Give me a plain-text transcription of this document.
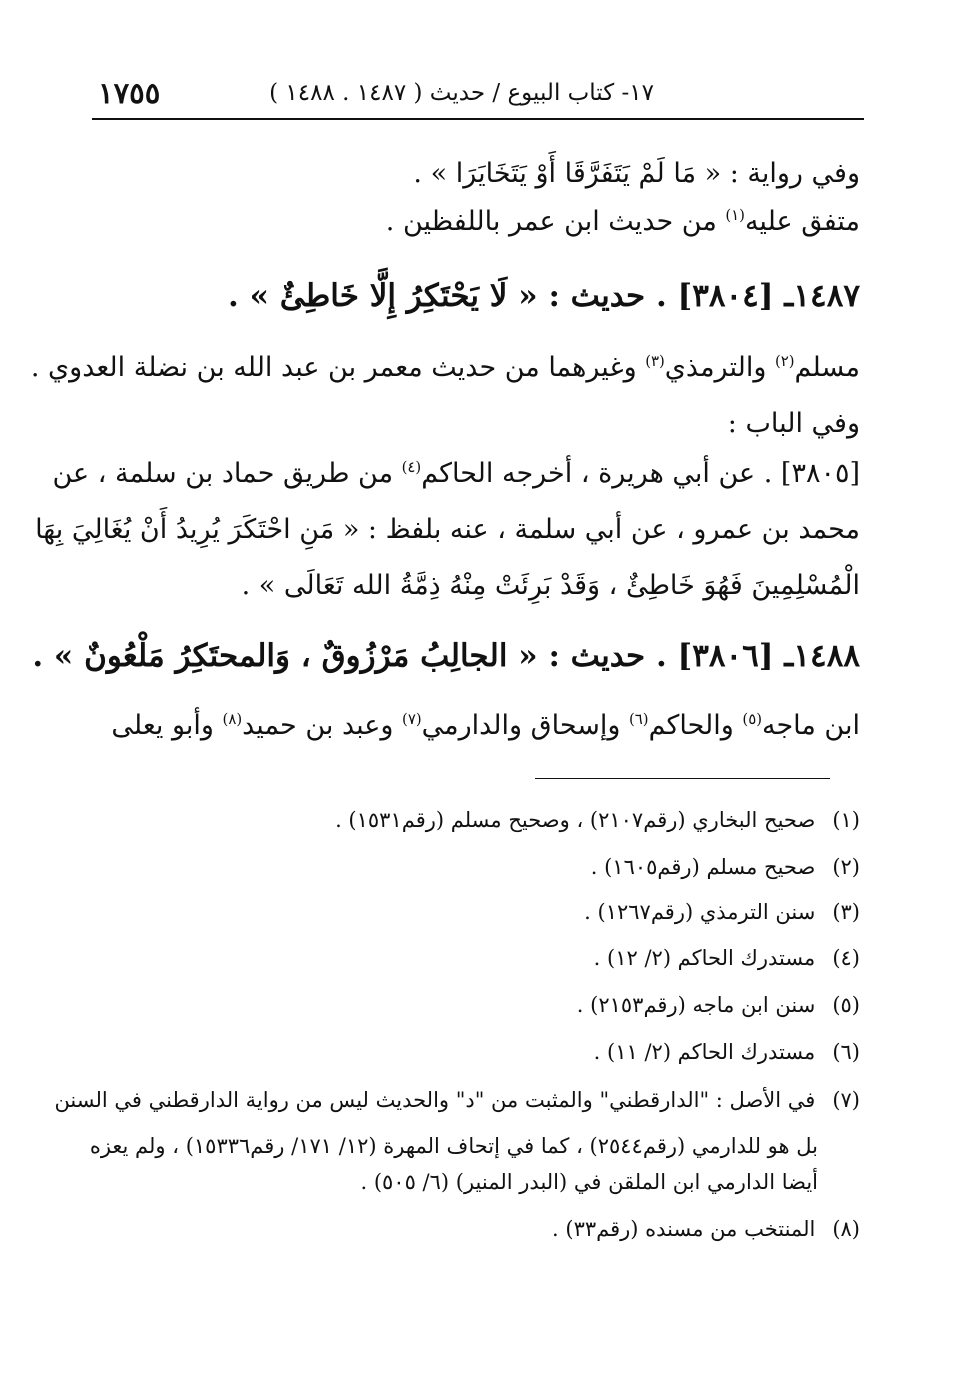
١٧٥٥	١٧- كتاب البيوع / حديث ( ١٤٨٧ . ١٤٨٨ )
وفي رواية : « مَا لَمْ يَتَفَرَّقَا أَوْ يَتَخَايَرَا » .
متفق عليه$^{(١)}$ من حديث ابن عمر باللفظين .
١٤٨٧ـ [٣٨٠٤] . حديث : « لَا يَحْتَكِرُ إِلَّا خَاطِئٌ » .
مسلم$^{(٢)}$ والترمذي$^{(٣)}$ وغيرهما من حديث معمر بن عبد الله بن نضلة العدوي .
وفي الباب :
[٣٨٠٥] . عن أبي هريرة ، أخرجه الحاكم$^{(٤)}$ من طريق حماد بن سلمة ، عن
محمد بن عمرو ، عن أبي سلمة ، عنه بلفظ : « مَنِ احْتَكَرَ يُرِيدُ أَنْ يُغَالِيَ بِهَا
الْمُسْلِمِينَ فَهُوَ خَاطِئٌ ، وَقَدْ بَرِئَتْ مِنْهُ ذِمَّةُ الله تَعَالَى » .
١٤٨٨ـ [٣٨٠٦] . حديث : « الجالِبُ مَرْزُوقٌ ، وَالمحتَكِرُ مَلْعُونٌ » .
ابن ماجه$^{(٥)}$ والحاكم$^{(٦)}$ وإسحاق والدارمي$^{(٧)}$ وعبد بن حميد$^{(٨)}$ وأبو يعلى
(١) صحيح البخاري (رقم٢١٠٧) ، وصحيح مسلم (رقم١٥٣١) .
(٢) صحيح مسلم (رقم١٦٠٥) .
(٣) سنن الترمذي (رقم١٢٦٧) .
(٤) مستدرك الحاكم (٢/ ١٢) .
(٥) سنن ابن ماجه (رقم٢١٥٣) .
(٦) مستدرك الحاكم (٢/ ١١) .
(٧) في الأصل : "الدارقطني" والمثبت من "د" والحديث ليس من رواية الدارقطني في السنن
بل هو للدارمي (رقم٢٥٤٤) ، كما في إتحاف المهرة (١٢/ ١٧١/ رقم١٥٣٣٦) ، ولم يعزه
أيضا الدارمي ابن الملقن في (البدر المنير) (٦/ ٥٠٥) .
(٨) المنتخب من مسنده (رقم٣٣) .
